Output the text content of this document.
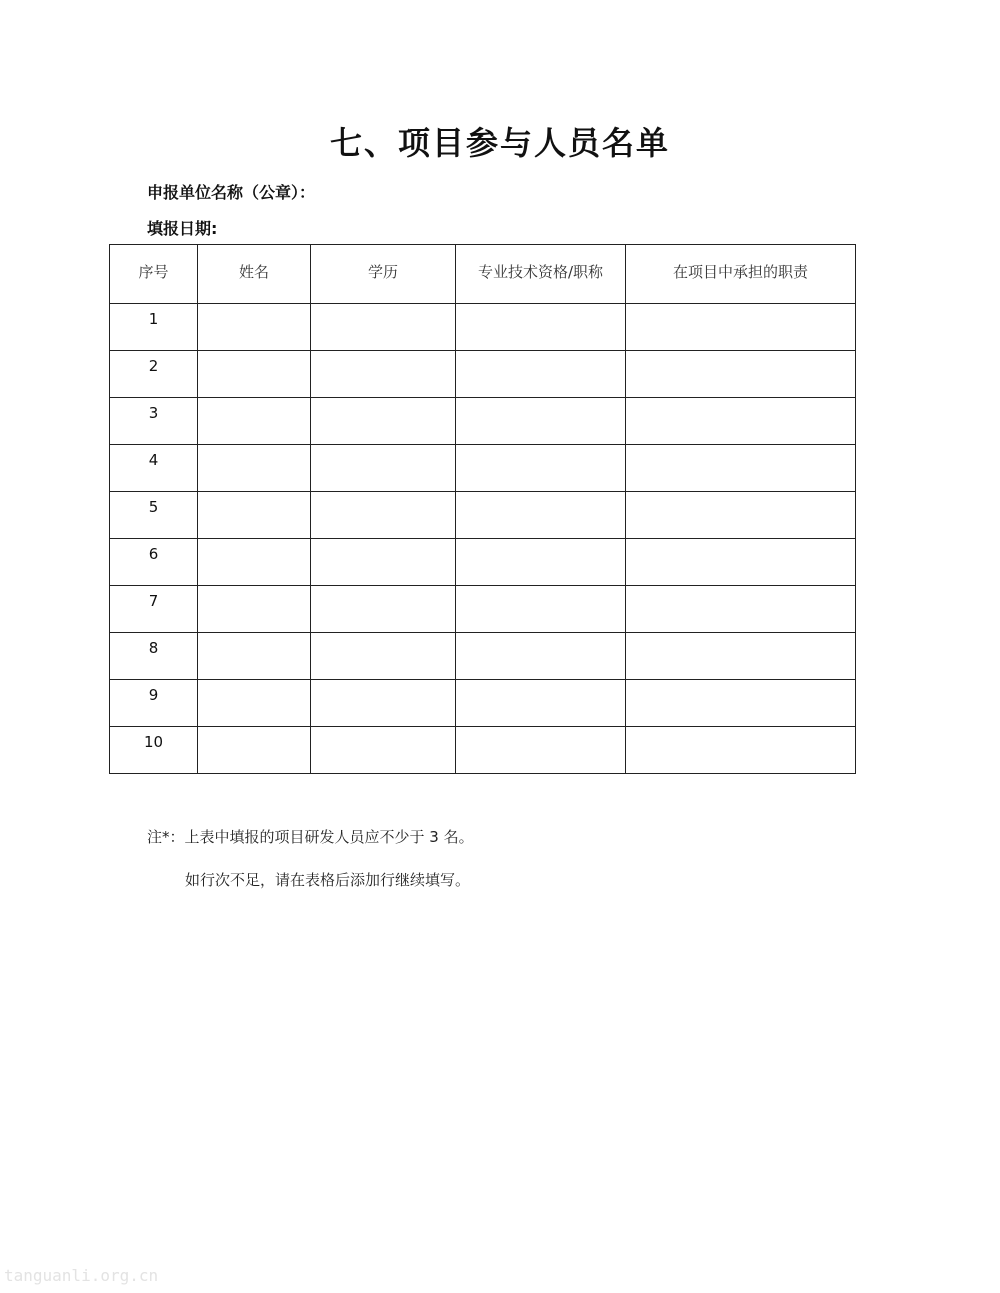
七、项目参与人员名单
申报单位名称（公章）：
填报日期:
序号	姓名	学历	专业技术资格/职称	在项目中承担的职责
1				
2				
3				
4				
5				
6				
7				
8				
9				
10				
注*：上表中填报的项目研发人员应不少于 3 名。
如行次不足，请在表格后添加行继续填写。
tanguanli.org.cn
